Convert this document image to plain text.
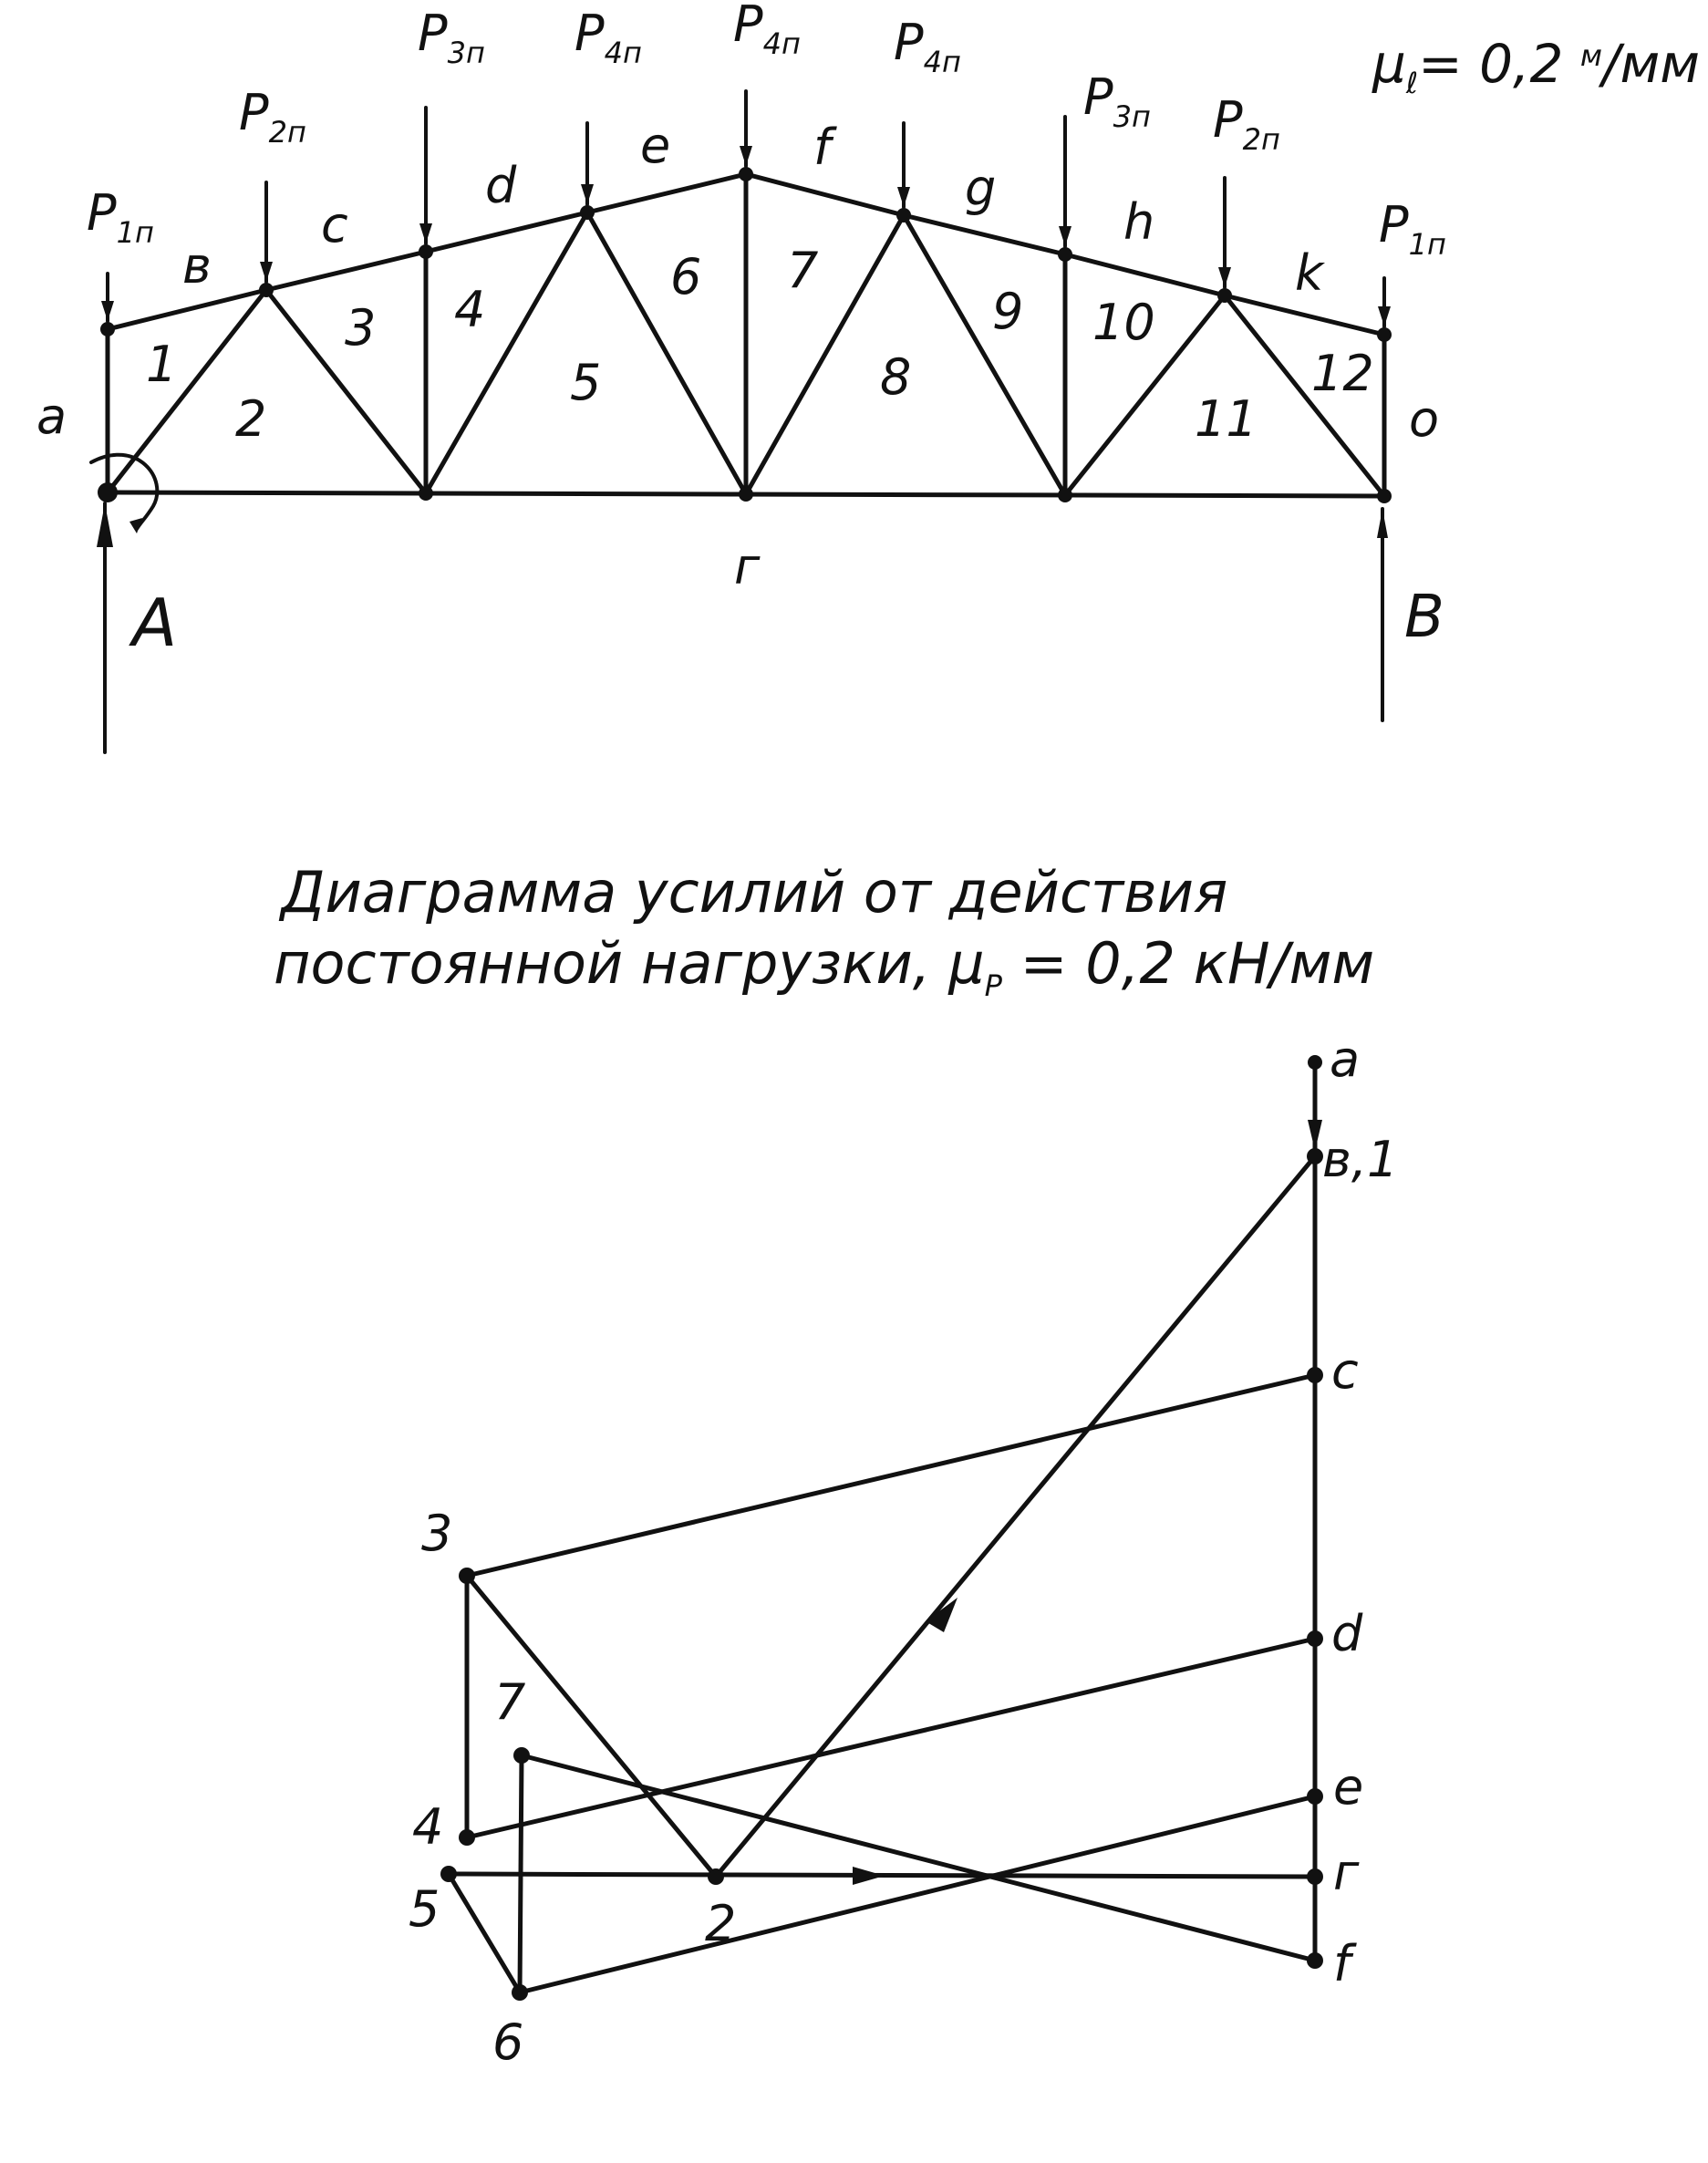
$P_{1п}$
$P_{2п}$
$P_{3п}$ $P_{4п}$ $P_{4п}$ $P_{4п}$
$P_{3п}$ $P_{2п}$
$P_{1п}$
a
в
c
d
e	f
g
h
k
o
г
1
2
3 4
5
6 7
8
9 10
11
12
A	B
$\mu_\ell= 0,2$ $^м$/мм
Диаграмма усилий от действия
постоянной нагрузки, $\mu_P = 0,2$ кН/мм
a
в,1
c
d
e
г
f
2
3
4
5
6
7
